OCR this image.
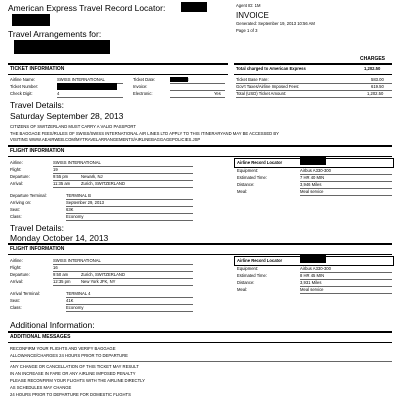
American Express Travel Record Locator:
Travel Arrangements for:
Agent ID: 1M
INVOICE
Generated: September 19, 2013 10:56 AM
Page 1 of 3
TICKET INFORMATION
Airline Name:	SWISS INTERNATIONAL
Ticket Number:
Check Digit:	4
Ticket Date:
Invoice:
Electronic:	Yes
CHARGES
Total charged to American Express	1,202.50
Ticket Base Fare:	583.00
Gov't Taxes/Airline Imposed Fees:	619.50
Total (USD) Ticket Amount:	1,202.50
Travel Details:
Saturday September 28, 2013
CITIZENS OF SWITZERLAND MUST CARRY A VALID PASSPORT
THE BAGGAGE FEES/RULES OF SWISS/SWISS INTERNATIONAL AIR LINES LTD APPLY TO THIS ITINERARYAND MAY BE ACCESSED BY
VISITING WWW.AEAIRWEB.COM/MYTRAVELARRANGEMENTS/AIRLINEBAGGAGEPOLICIES.JSP
FLIGHT INFORMATION
Airline:	SWISS INTERNATIONAL
Flight:	19
Departure:	9:55 pm	Newark, NJ
Arrival:	11:35 am	Zurich, SWITZERLAND
Departure Terminal:	TERMINAL B
Arriving on:	September 29, 2013
Seat:	63K
Class:	Economy
Airline Record Locator
Equipment:	Airbus A330-300
Estimated Time:	7 HR 40 MIN
Distance:	3,946 Miles
Meal:	Meal service
Travel Details:
Monday October 14, 2013
FLIGHT INFORMATION
Airline:	SWISS INTERNATIONAL
Flight:	16
Departure:	9:50 am	Zurich, SWITZERLAND
Arrival:	12:35 pm	New York JFK, NY
Arrival Terminal:	TERMINAL 4
Seat:	41K
Class:	Economy
Airline Record Locator
Equipment:	Airbus A330-300
Estimated Time:	8 HR 45 MIN
Distance:	3,931 Miles
Meal:	Meal service
Additional Information:
ADDITIONAL MESSAGES
RECONFIRM YOUR FLIGHTS AND VERIFY BAGGAGE
ALLOWANCE/CHARGES 24 HOURS PRIOR TO DEPARTURE
ANY CHANGE OR CANCELLATION OF THIS TICKET MAY RESULT
IN AN INCREASE IN FARE OR ANY AIRLINE IMPOSED PENALTY
PLEASE RECONFIRM YOUR FLIGHTS WITH THE AIRLINE DIRECTLY
AS SCHEDULES MAY CHANGE
24 HOURS PRIOR TO DEPARTURE FOR DOMESTIC FLIGHTS
